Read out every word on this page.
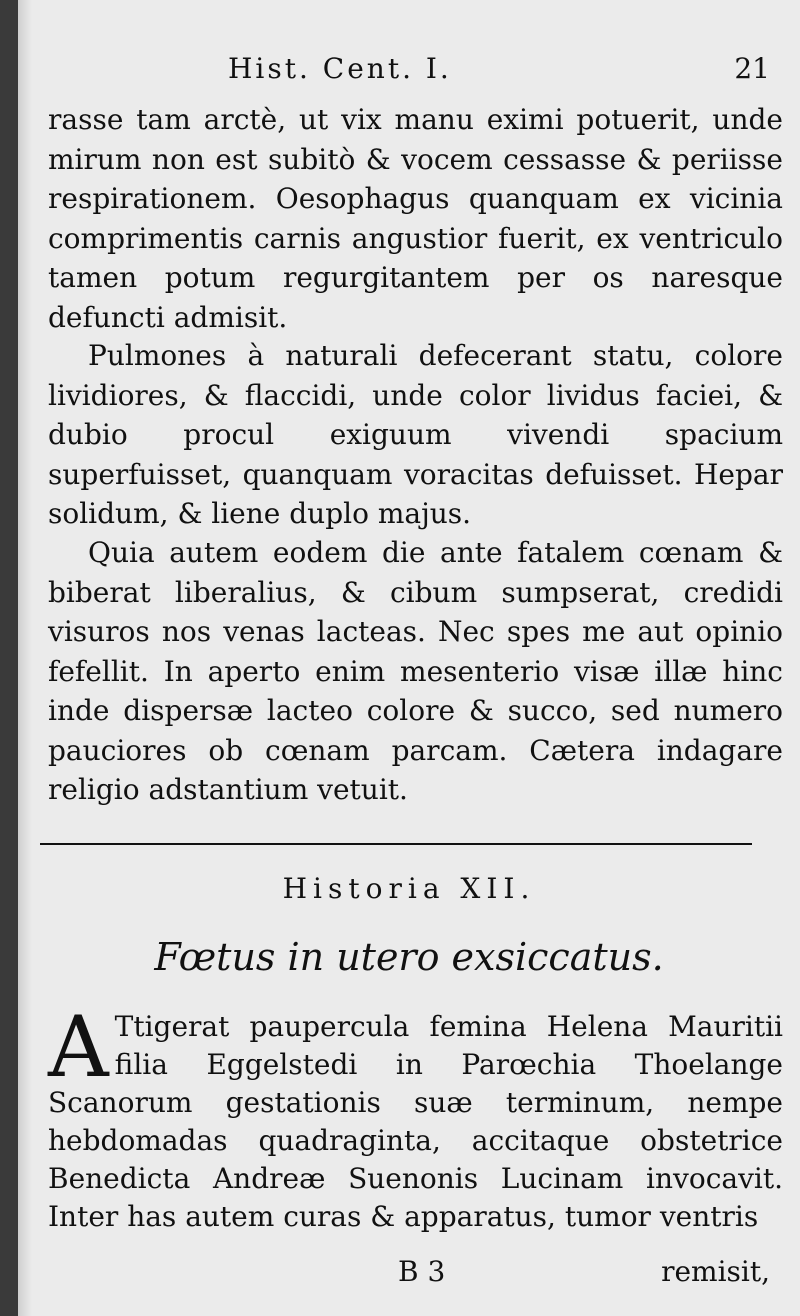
Hist. Cent. I.	21

rasse tam arctè, ut vix manu eximi potuerit, unde mirum non est subitò & vocem cessasse & periisse respirationem. Oesophagus quanquam ex vicinia comprimentis carnis angustior fuerit, ex ventriculo tamen potum regurgitantem per os naresque defuncti admisit.

Pulmones à naturali defecerant statu, colore lividiores, & flaccidi, unde color lividus faciei, & dubio procul exiguum vivendi spacium superfuisset, quanquam voracitas defuisset. Hepar solidum, & liene duplo majus.

Quia autem eodem die ante fatalem cœnam & biberat liberalius, & cibum sumpserat, credidi visuros nos venas lacteas. Nec spes me aut opinio fefellit. In aperto enim mesenterio visæ illæ hinc inde dispersæ lacteo colore & succo, sed numero pauciores ob cœnam parcam. Cætera indagare religio adstantium vetuit.

Historia XII.
Fœtus in utero exsiccatus.
A Ttigerat paupercula femina Helena Mauritii filia Eggelstedi in Parœchia Thoelange Scanorum gestationis suæ terminum, nempe hebdomadas quadraginta, accitaque obstetrice Benedicta Andreæ Suenonis Lucinam invocavit. Inter has autem curas & apparatus, tumor ventris
B 3	remisit,
